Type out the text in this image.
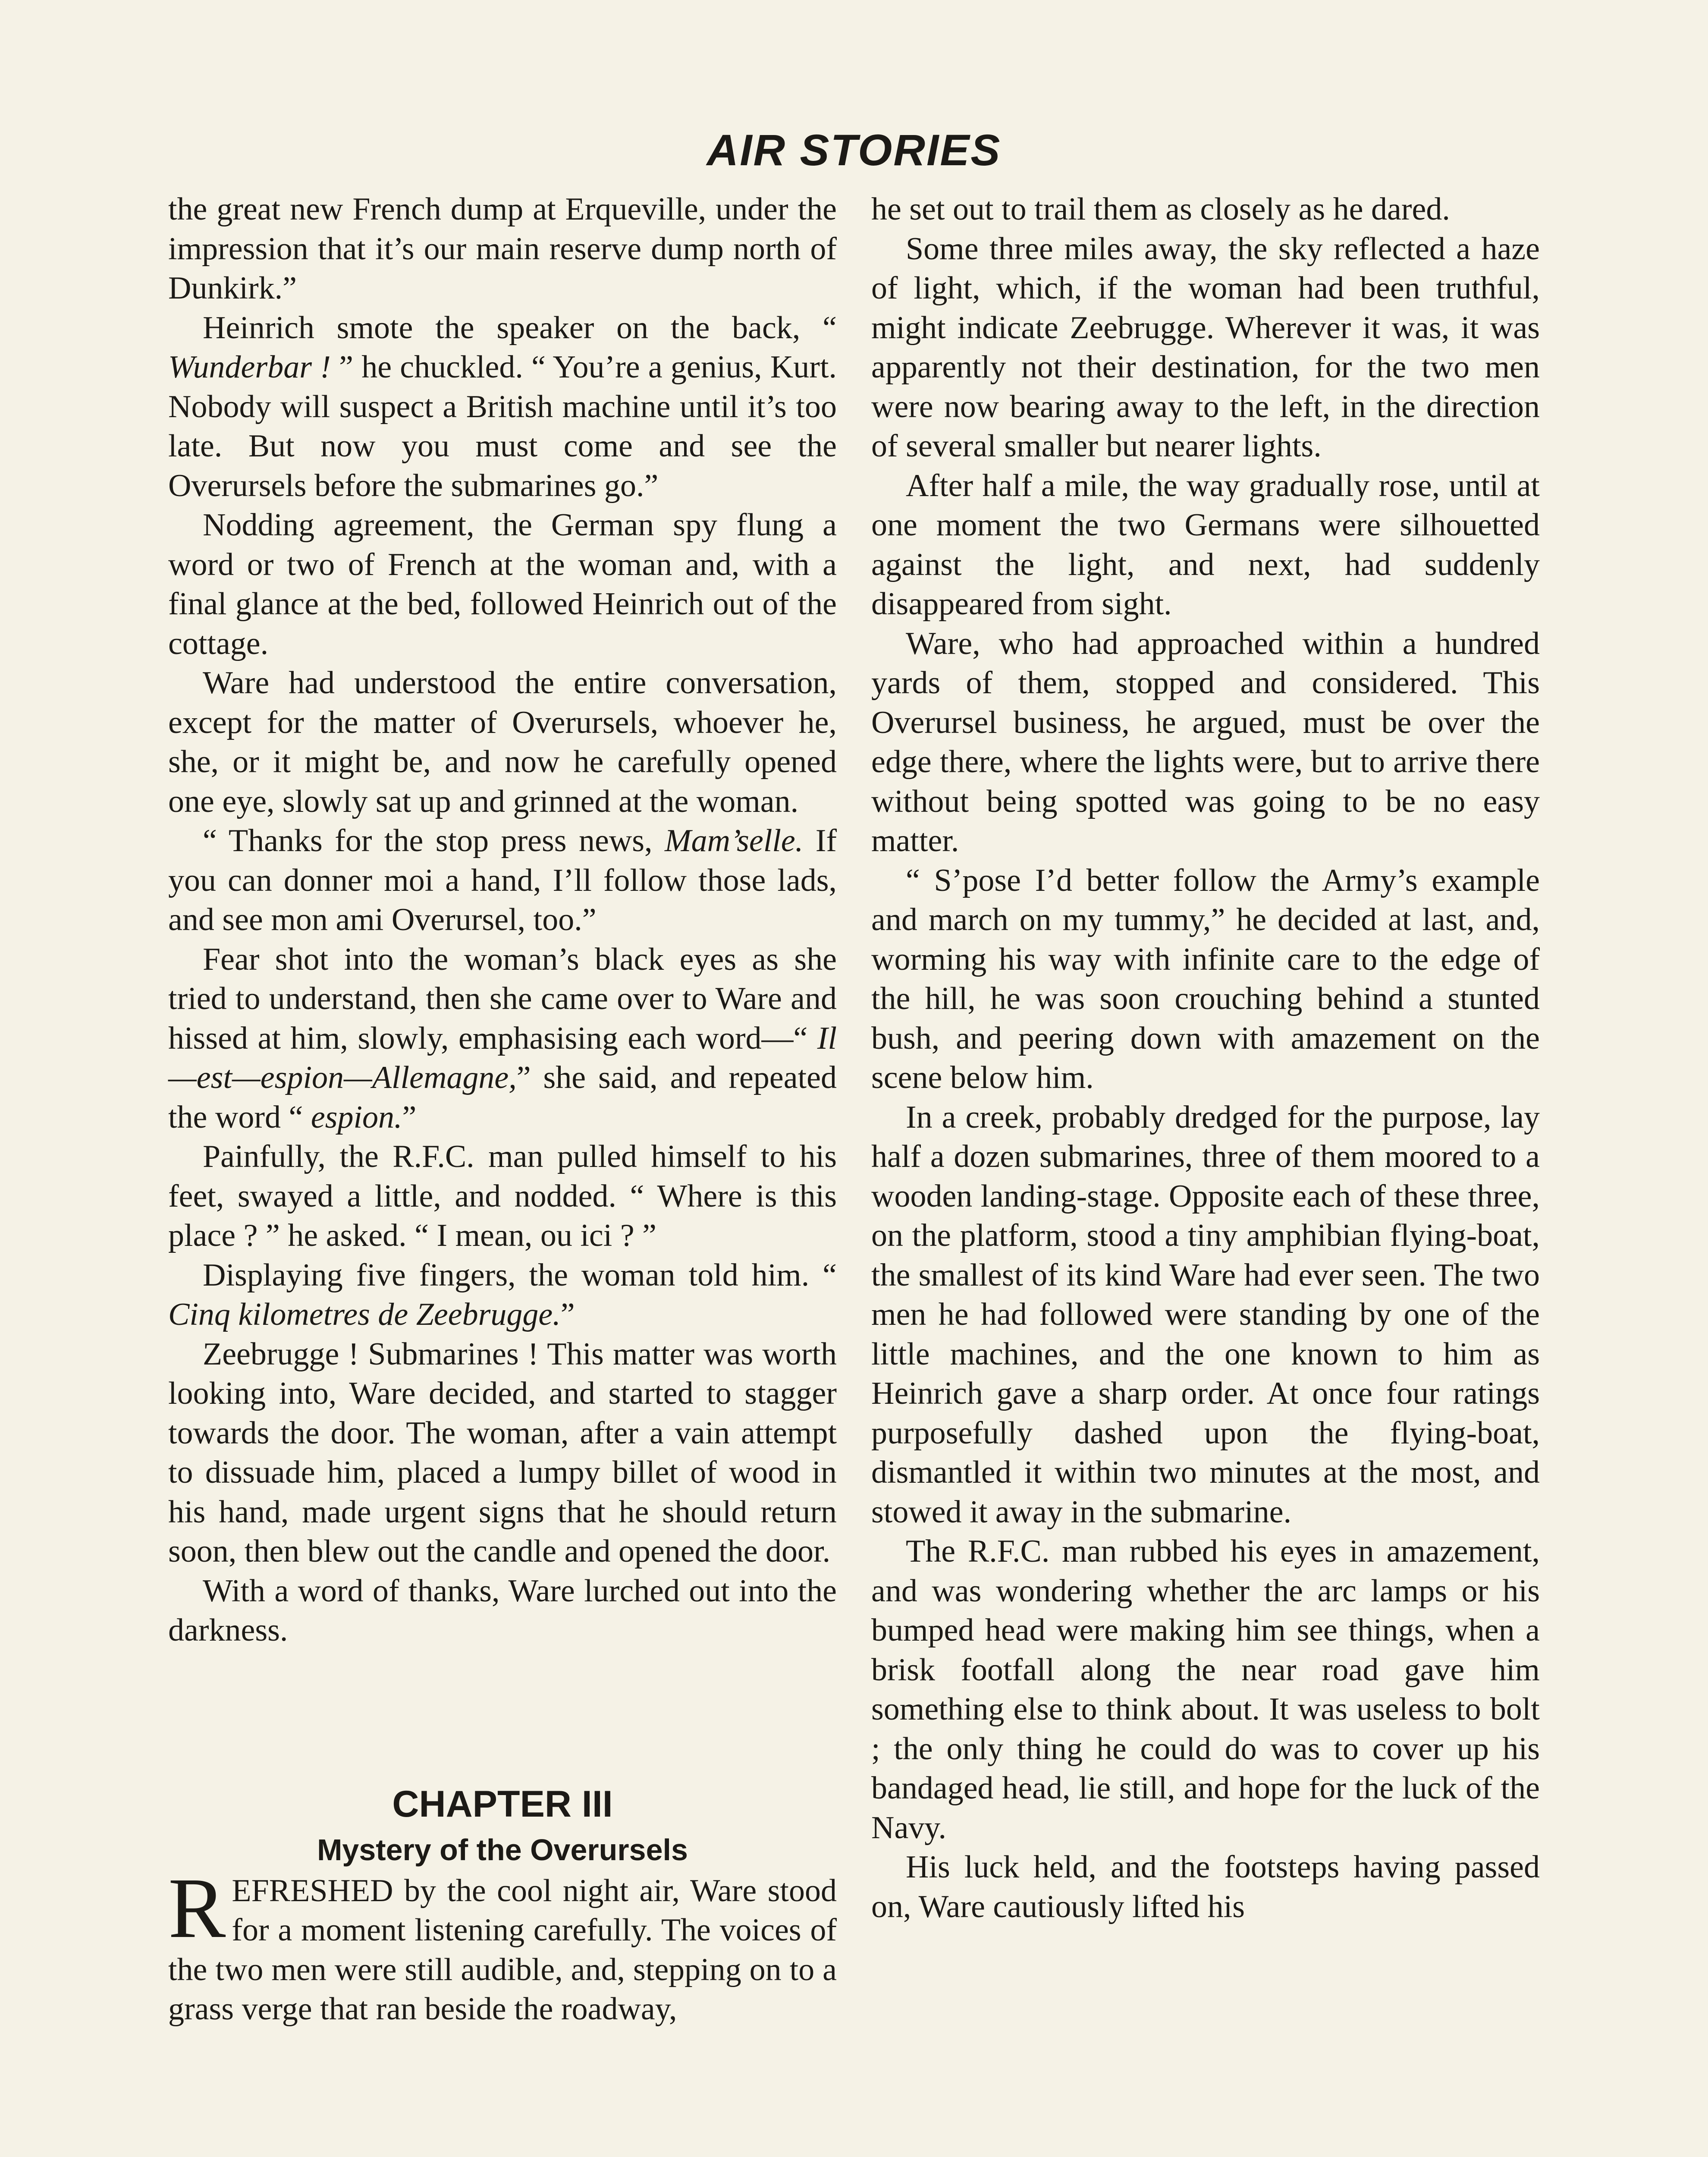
AIR STORIES

the great new French dump at Erqueville, under the impression that it’s our main reserve dump north of Dunkirk.”

Heinrich smote the speaker on the back, “ Wunderbar ! ” he chuckled. “ You’re a genius, Kurt. Nobody will suspect a British machine until it’s too late. But now you must come and see the Overursels before the submarines go.”

Nodding agreement, the German spy flung a word or two of French at the woman and, with a final glance at the bed, followed Heinrich out of the cottage.

Ware had understood the entire conversation, except for the matter of Overursels, whoever he, she, or it might be, and now he carefully opened one eye, slowly sat up and grinned at the woman.

“ Thanks for the stop press news, Mam’selle. If you can donner moi a hand, I’ll follow those lads, and see mon ami Overursel, too.”

Fear shot into the woman’s black eyes as she tried to understand, then she came over to Ware and hissed at him, slowly, emphasising each word—“ Il—est—espion—Allemagne,” she said, and repeated the word “ espion.”

Painfully, the R.F.C. man pulled himself to his feet, swayed a little, and nodded. “ Where is this place ? ” he asked. “ I mean, ou ici ? ”

Displaying five fingers, the woman told him. “ Cinq kilometres de Zeebrugge.”

Zeebrugge ! Submarines ! This matter was worth looking into, Ware decided, and started to stagger towards the door. The woman, after a vain attempt to dissuade him, placed a lumpy billet of wood in his hand, made urgent signs that he should return soon, then blew out the candle and opened the door.

With a word of thanks, Ware lurched out into the darkness.

CHAPTER III
Mystery of the Overursels

REFRESHED by the cool night air, Ware stood for a moment listening carefully. The voices of the two men were still audible, and, stepping on to a grass verge that ran beside the roadway,

he set out to trail them as closely as he dared.

Some three miles away, the sky reflected a haze of light, which, if the woman had been truthful, might indicate Zeebrugge. Wherever it was, it was apparently not their destination, for the two men were now bearing away to the left, in the direction of several smaller but nearer lights.

After half a mile, the way gradually rose, until at one moment the two Germans were silhouetted against the light, and next, had suddenly disappeared from sight.

Ware, who had approached within a hundred yards of them, stopped and considered. This Overursel business, he argued, must be over the edge there, where the lights were, but to arrive there without being spotted was going to be no easy matter.

“ S’pose I’d better follow the Army’s example and march on my tummy,” he decided at last, and, worming his way with infinite care to the edge of the hill, he was soon crouching behind a stunted bush, and peering down with amazement on the scene below him.

In a creek, probably dredged for the purpose, lay half a dozen submarines, three of them moored to a wooden landing-stage. Opposite each of these three, on the platform, stood a tiny amphibian flying-boat, the smallest of its kind Ware had ever seen. The two men he had followed were standing by one of the little machines, and the one known to him as Heinrich gave a sharp order. At once four ratings purposefully dashed upon the flying-boat, dismantled it within two minutes at the most, and stowed it away in the submarine.

The R.F.C. man rubbed his eyes in amazement, and was wondering whether the arc lamps or his bumped head were making him see things, when a brisk footfall along the near road gave him something else to think about. It was useless to bolt ; the only thing he could do was to cover up his bandaged head, lie still, and hope for the luck of the Navy.

His luck held, and the footsteps having passed on, Ware cautiously lifted his
